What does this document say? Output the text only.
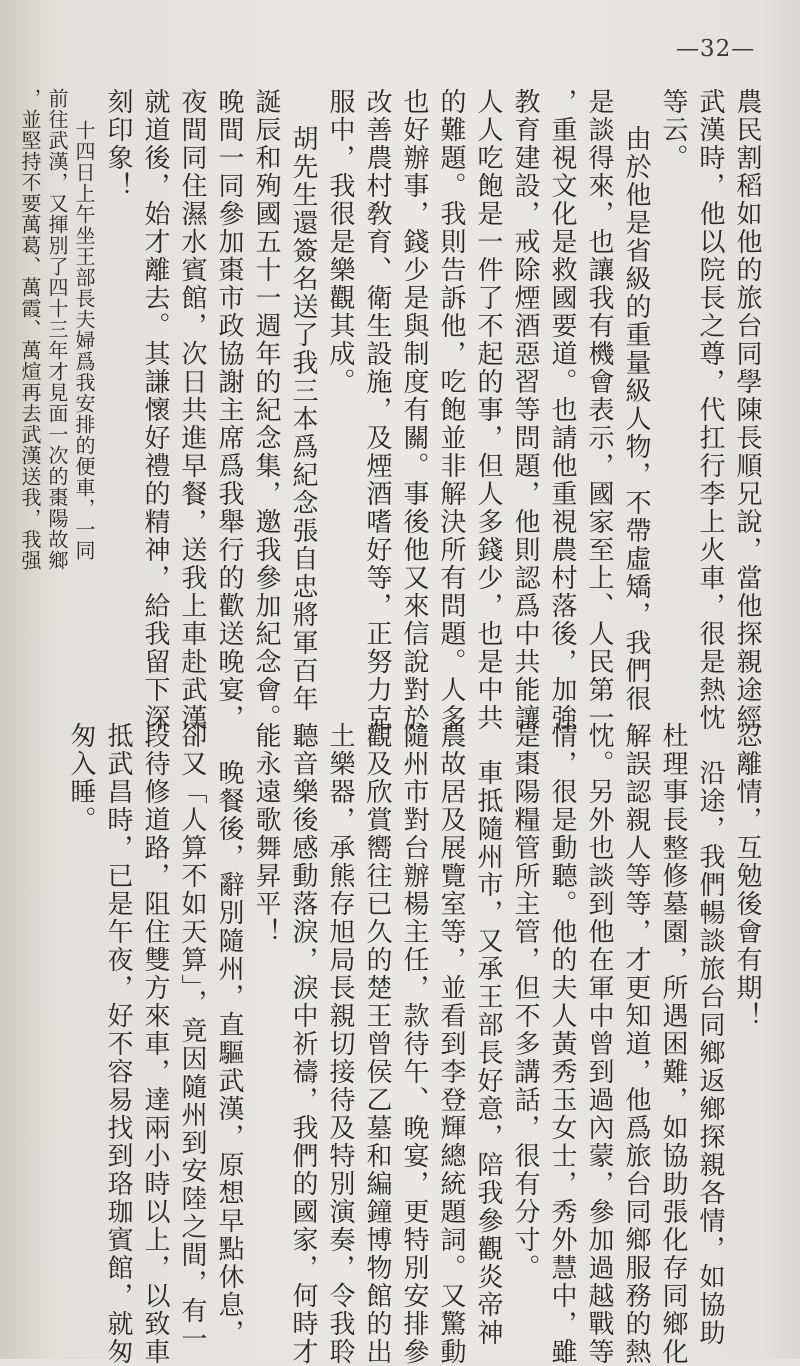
—32—
農民割稻如他的旅台同學陳長順兄說，當他探親途經
武漢時，他以院長之尊，代扛行李上火車，很是熱忱
等云。
由於他是省級的重量級人物，不帶虛矯，我們很
是談得來，也讓我有機會表示，國家至上、人民第一
，重視文化是救國要道。也請他重視農村落後，加強
教育建設，戒除煙酒惡習等問題，他則認爲中共能讓
人人吃飽是一件了不起的事，但人多錢少，也是中共
的難題。我則告訴他，吃飽並非解決所有問題。人多
也好辦事，錢少是與制度有關。事後他又來信說對於
改善農村敎育、衛生設施，及煙酒嗜好等，正努力克
服中，我很是樂觀其成。
胡先生還簽名送了我三本爲紀念張自忠將軍百年
誕辰和殉國五十一週年的紀念集，邀我參加紀念會。
晚間一同參加棗市政協謝主席爲我舉行的歡送晚宴，
夜間同住濕水賓館，次日共進早餐，送我上車赴武漢
就道後，始才離去。其謙懷好禮的精神，給我留下深
刻印象！
十四日上午坐王部長夫婦爲我安排的便車，一同
前往武漢，又揮別了四十三年才見面一次的棗陽故鄉
，並堅持不要萬葛、萬霞、萬煊再去武漢送我，我强
忍離情，互勉後會有期！
沿途，我們暢談旅台同鄉返鄉探親各情，如協助
杜理事長整修墓園，所遇困難，如協助張化存同鄉化
解誤認親人等等，才更知道，他爲旅台同鄉服務的熱
忱。另外也談到他在軍中曾到過內蒙，參加過越戰等
情，很是動聽。他的夫人黃秀玉女士，秀外慧中，雖
是棗陽糧管所主管，但不多講話，很有分寸。
車抵隨州市，又承王部長好意，陪我參觀炎帝神
農故居及展覽室等，並看到李登輝總統題詞。又驚動
隨州市對台辦楊主任，款待午、晚宴，更特別安排參
觀及欣賞嚮往已久的楚王曾侯乙墓和編鐘博物館的出
土樂器，承熊存旭局長親切接待及特別演奏，令我聆
聽音樂後感動落淚，淚中祈禱，我們的國家，何時才
能永遠歌舞昇平！
晚餐後，辭別隨州，直驅武漢，原想早點休息，
卻又「人算不如天算」，竟因隨州到安陸之間，有一
段待修道路，阻住雙方來車，達兩小時以上，以致車
抵武昌時，已是午夜，好不容易找到珞珈賓館，就匆
匆入睡。
